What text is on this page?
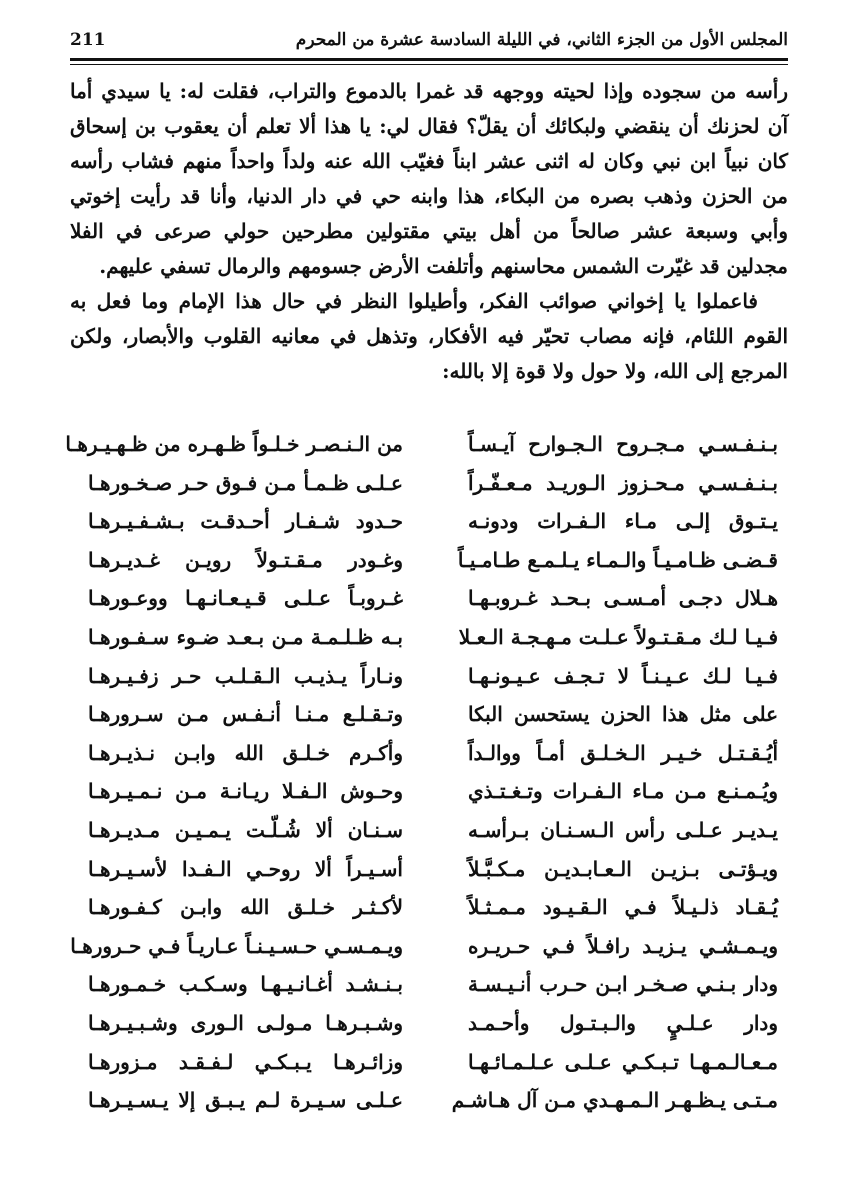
المجلس الأول من الجزء الثاني، في الليلة السادسة عشرة من المحرم
211

رأسه من سجوده وإذا لحيته ووجهه قد غمرا بالدموع والتراب، فقلت له: يا سيدي أما آن لحزنك أن ينقضي ولبكائك أن يقلّ؟ فقال لي: يا هذا ألا تعلم أن يعقوب بن إسحاق كان نبياً ابن نبي وكان له اثنى عشر ابناً فغيّب الله عنه ولداً واحداً منهم فشاب رأسه من الحزن وذهب بصره من البكاء، هذا وابنه حي في دار الدنيا، وأنا قد رأيت إخوتي وأبي وسبعة عشر صالحاً من أهل بيتي مقتولين مطرحين حولي صرعى في الفلا مجدلين قد غيّرت الشمس محاسنهم وأتلفت الأرض جسومهم والرمال تسفي عليهم.

فاعملوا يا إخواني صوائب الفكر، وأطيلوا النظر في حال هذا الإمام وما فعل به القوم اللئام، فإنه مصاب تحيّر فيه الأفكار، وتذهل في معانيه القلوب والأبصار، ولكن المرجع إلى الله، ولا حول ولا قوة إلا بالله:

بـنـفـسـي مـجـروح الـجـوارح آيـسـاً
من الـنـصـر خـلـواً ظـهـره من ظـهـيـرهـا
بـنـفـسـي مـحـزوز الـوريـد مـعـفّـراً
عـلـى ظـمـأ مـن فـوق حـر صـخـورهـا
يـتـوق إلـى مـاء الـفـرات ودونـه
حـدود شـفـار أحـدقـت بـشـفـيـرهـا
قـضـى ظـامـيـاً والـمـاء يـلـمـع طـامـيـاً
وغـودر مـقـتـولاً رويـن غـديـرهـا
هـلال دجـى أمـسـى بـحـد غـروبـهـا
غـروبـاً عـلـى قـيـعـانـهـا ووعـورهـا
فـيـا لـك مـقـتـولاً عـلـت مـهـجـة الـعـلا
بـه ظـلـمـة مـن بـعـد ضـوء سـفـورهـا
فـيـا لـك عـيـنـاً لا تـجـف عـيـونـهـا
ونـاراً يـذيـب الـقـلـب حـر زفـيـرهـا
على مثل هذا الحزن يستحسن البكا
وتـقـلـع مـنـا أنـفـس مـن سـرورهـا
أيُـقـتـل خـيـر الـخـلـق أمـاً ووالـداً
وأكـرم خـلـق الله وابـن نـذيـرهـا
ويُـمـنـع مـن مـاء الـفـرات وتـغـتـذي
وحـوش الـفـلا ريـانـة مـن نـمـيـرهـا
يـديـر عـلـى رأس الـسـنـان بـرأسـه
سـنـان ألا شُـلّـت يـمـيـن مـديـرهـا
ويـؤتـى بـزيـن الـعـابـديـن مـكـبَّـلاً
أسـيـراً ألا روحـي الـفـدا لأسـيـرهـا
يُـقـاد ذلـيـلاً فـي الـقـيـود مـمـثـلاً
لأكـثـر خـلـق الله وابـن كـفـورهـا
ويـمـشـي يـزيـد رافـلاً فـي حـريـره
ويـمـسـي حـسـيـنـاً عـاريـاً فـي حـرورهـا
ودار بـنـي صـخـر ابـن حـرب أنـيـسـة
بـنـشـد أغـانـيـهـا وسـكـب خـمـورهـا
ودار عـلـيٍ والـبـتـول وأحـمـد
وشـبـرهـا مـولـى الـورى وشـبـيـرهـا
مـعـالـمـهـا تـبـكـي عـلـى عـلـمـائـهـا
وزائـرهـا يـبـكـي لـفـقـد مـزورهـا
مـتـى يـظـهـر الـمـهـدي مـن آل هـاشـم
عـلـى سـيـرة لـم يـبـق إلا يـسـيـرهـا
